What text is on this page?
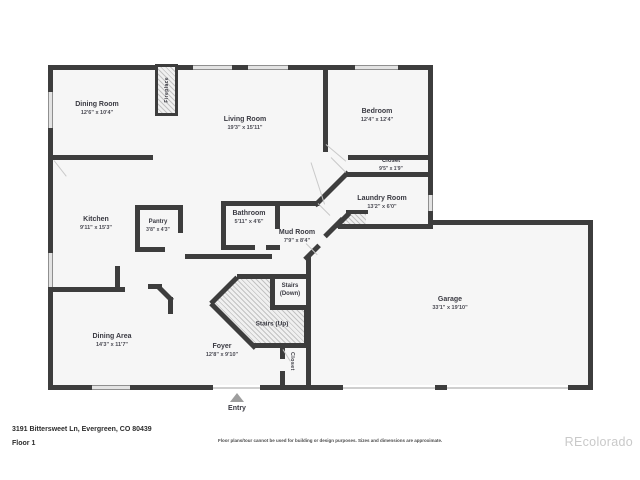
Fireplace
Dining Room
12'6" x 10'4"
Living Room
19'3" x 15'11"
Bedroom
12'4" x 12'4"
Closet
9'5" x 1'9"
Laundry Room
13'2" x 6'0"
Kitchen
9'11" x 15'3"
Pantry
3'8" x 4'3"
Bathroom
5'11" x 4'6"
Mud Room
7'9" x 8'4"
Dining Area
14'3" x 11'7"	Foyer
12'8" x 9'10"
Garage
33'1" x 19'10"
Stairs
(Down)
Stairs (Up)
Closet
Entry
3191 Bittersweet Ln, Evergreen, CO 80439
Floor 1	Floor plans/tour cannot be used for building or design purposes. Sizes and dimensions are approximate.	REcolorado
